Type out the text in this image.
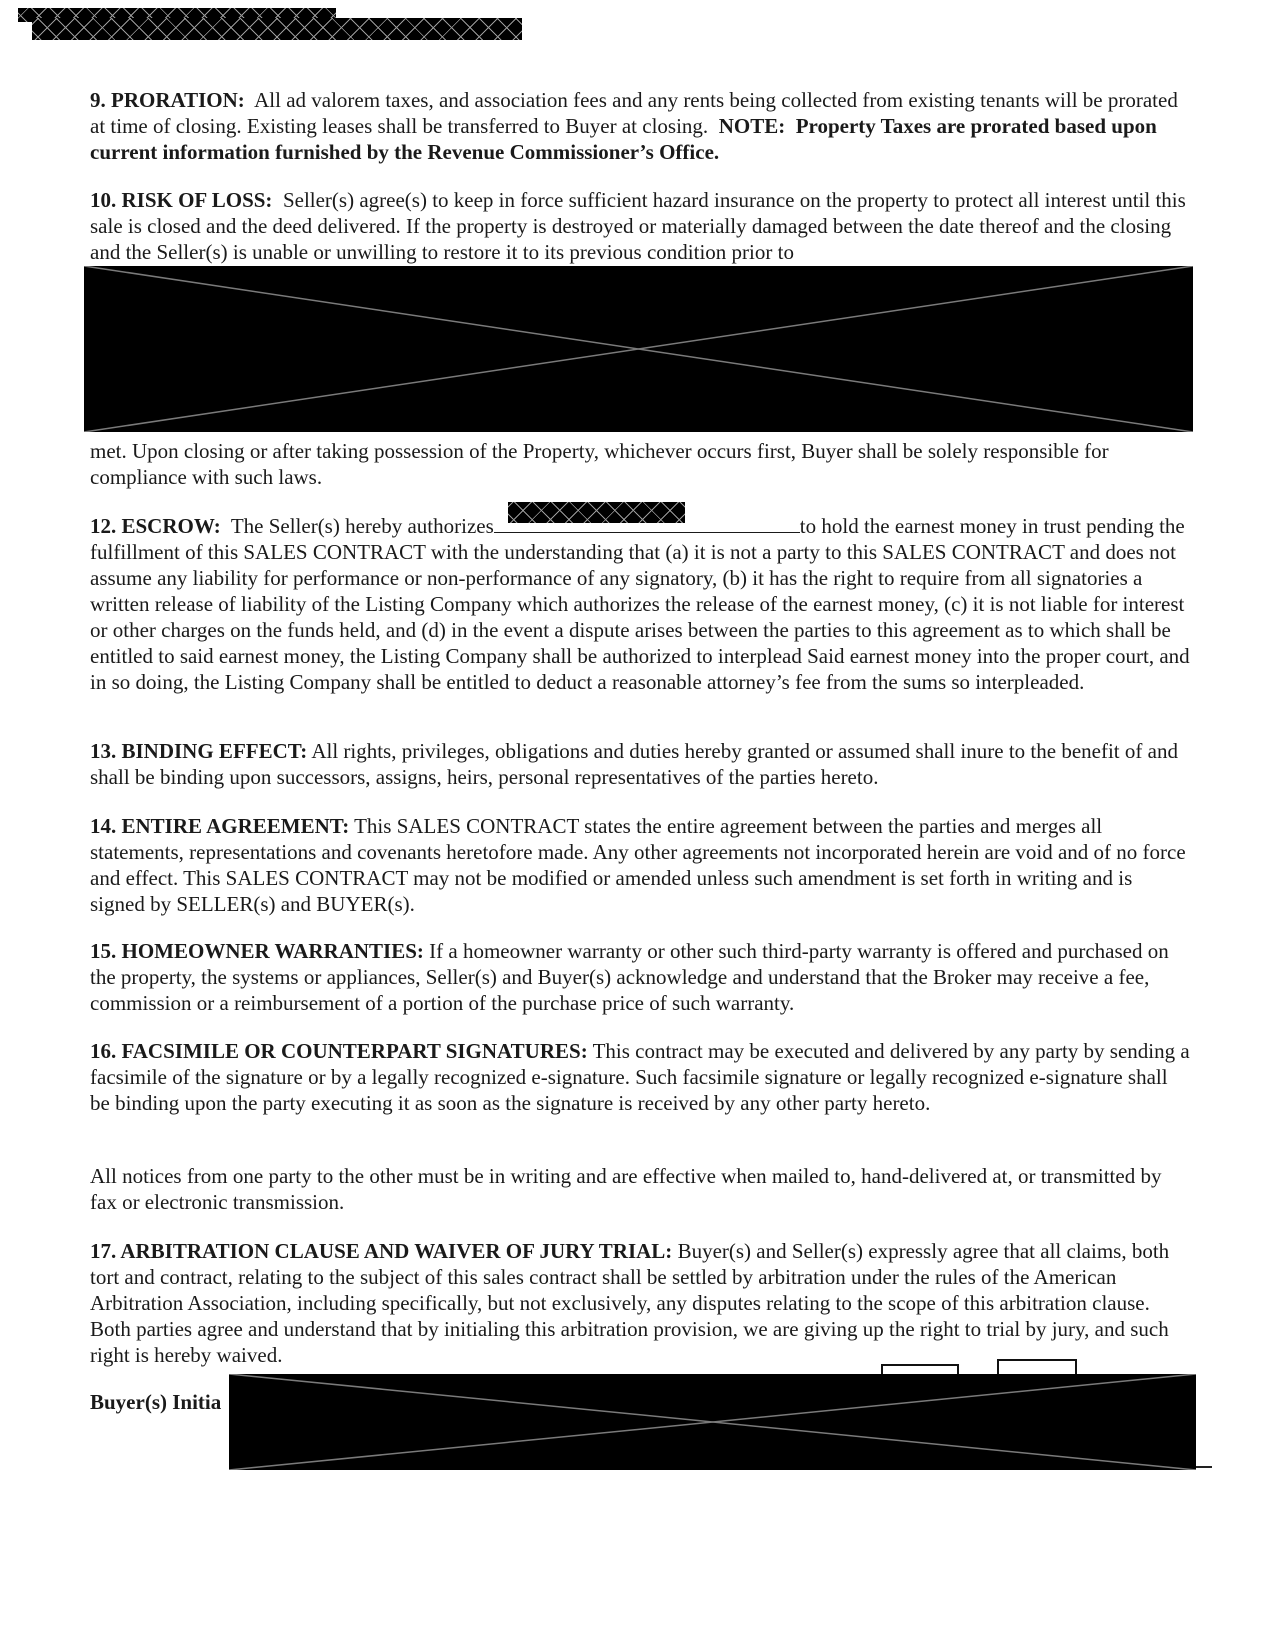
9. PRORATION: All ad valorem taxes, and association fees and any rents being collected from existing tenants will be prorated at time of closing. Existing leases shall be transferred to Buyer at closing. NOTE: Property Taxes are prorated based upon current information furnished by the Revenue Commissioner’s Office.

10. RISK OF LOSS: Seller(s) agree(s) to keep in force sufficient hazard insurance on the property to protect all interest until this sale is closed and the deed delivered. If the property is destroyed or materially damaged between the date thereof and the closing and the Seller(s) is unable or unwilling to restore it to its previous condition prior to

met. Upon closing or after taking possession of the Property, whichever occurs first, Buyer shall be solely responsible for compliance with such laws.

12. ESCROW: The Seller(s) hereby authorizes	to hold the earnest money in trust pending the fulfillment of this SALES CONTRACT with the understanding that (a) it is not a party to this SALES CONTRACT and does not assume any liability for performance or non-performance of any signatory, (b) it has the right to require from all signatories a written release of liability of the Listing Company which authorizes the release of the earnest money, (c) it is not liable for interest or other charges on the funds held, and (d) in the event a dispute arises between the parties to this agreement as to which shall be entitled to said earnest money, the Listing Company shall be authorized to interplead Said earnest money into the proper court, and in so doing, the Listing Company shall be entitled to deduct a reasonable attorney’s fee from the sums so interpleaded.

13. BINDING EFFECT: All rights, privileges, obligations and duties hereby granted or assumed shall inure to the benefit of and shall be binding upon successors, assigns, heirs, personal representatives of the parties hereto.

14. ENTIRE AGREEMENT: This SALES CONTRACT states the entire agreement between the parties and merges all statements, representations and covenants heretofore made. Any other agreements not incorporated herein are void and of no force and effect. This SALES CONTRACT may not be modified or amended unless such amendment is set forth in writing and is signed by SELLER(s) and BUYER(s).

15. HOMEOWNER WARRANTIES: If a homeowner warranty or other such third-party warranty is offered and purchased on the property, the systems or appliances, Seller(s) and Buyer(s) acknowledge and understand that the Broker may receive a fee, commission or a reimbursement of a portion of the purchase price of such warranty.

16. FACSIMILE OR COUNTERPART SIGNATURES: This contract may be executed and delivered by any party by sending a facsimile of the signature or by a legally recognized e-signature. Such facsimile signature or legally recognized e-signature shall be binding upon the party executing it as soon as the signature is received by any other party hereto.

All notices from one party to the other must be in writing and are effective when mailed to, hand-delivered at, or transmitted by fax or electronic transmission.

17. ARBITRATION CLAUSE AND WAIVER OF JURY TRIAL: Buyer(s) and Seller(s) expressly agree that all claims, both tort and contract, relating to the subject of this sales contract shall be settled by arbitration under the rules of the American Arbitration Association, including specifically, but not exclusively, any disputes relating to the scope of this arbitration clause. Both parties agree and understand that by initialing this arbitration provision, we are giving up the right to trial by jury, and such right is hereby waived.

Buyer(s) Initia
